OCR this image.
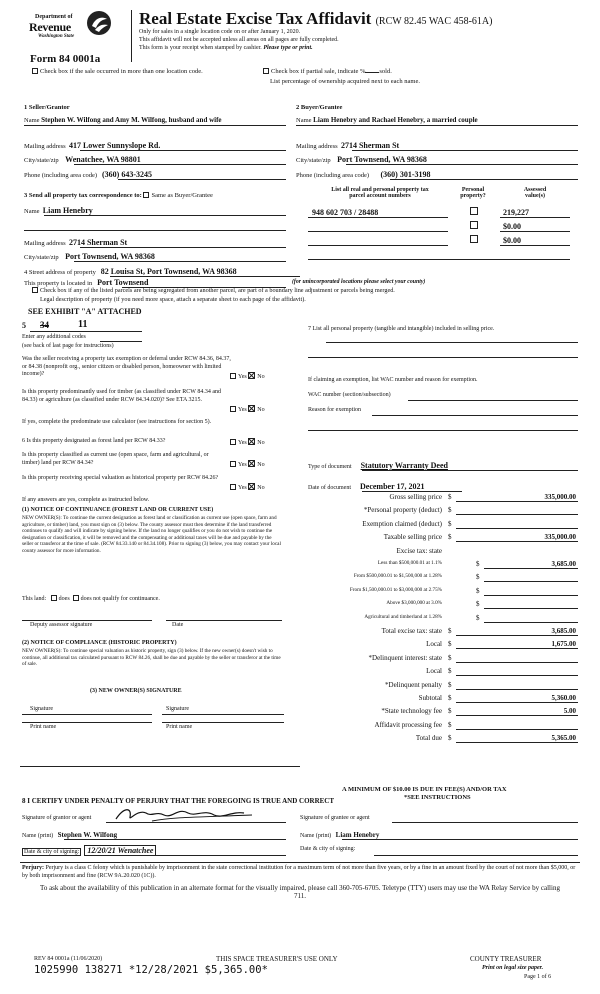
Department of
Revenue
Washington State
Real Estate Excise Tax Affidavit (RCW 82.45 WAC 458-61A)
Only for sales in a single location code on or after January 1, 2020.
This affidavit will not be accepted unless all areas on all pages are fully completed.
This form is your receipt when stamped by cashier. Please type or print.
Form 84 0001a
Check box if the sale occurred in more than one location code.	Check box if partial sale, indicate % sold.
List percentage of ownership acquired next to each name.
1 Seller/Grantor
Name Stephen W. Wilfong and Amy M. Wilfong, husband and wife
2 Buyer/Grantee
Name Liam Henebry and Rachael Henebry, a married couple
Mailing address 417 Lower Sunnyslope Rd.
City/state/zip Wenatchee, WA 98801
Phone (including area code) (360) 643-3245
Mailing address 2714 Sherman St
City/state/zip Port Townsend, WA 98368
Phone (including area code) (360) 301-3198
3 Send all property tax correspondence to: Same as Buyer/Grantee
Name Liam Henebry
Mailing address 2714 Sherman St
City/state/zip Port Townsend, WA 98368
List all real and personal property tax
parcel account numbers
Personal
property?
Assessed
value(s)
948 602 703 / 28488	219,227
$0.00
$0.00
4 Street address of property 82 Louisa St, Port Townsend, WA 98368
This property is located in Port Townsend	(for unincorporated locations please select your county)
Check box if any of the listed parcels are being segregated from another parcel, are part of a boundary line adjustment or parcels being merged.
Legal description of property (if you need more space, attach a separate sheet to each page of the affidavit).
SEE EXHIBIT "A" ATTACHED
5 34	11
Enter any additional codes
(see back of last page for instructions)
Was the seller receiving a property tax exemption or deferral under RCW 84.36, 84.37, or 84.38 (nonprofit org., senior citizen or disabled person, homeowner with limited income)?	Yes No
Is this property predominantly used for timber (as classified under RCW 84.34 and 84.33) or agriculture (as classified under RCW 84.34.020)? See ETA 3215.
Yes No
If yes, complete the predominate use calculator (see instructions for section 5).
6 Is this property designated as forest land per RCW 84.33?	Yes No
Is this property classified as current use (open space, farm and agricultural, or timber) land per RCW 84.34?	Yes No
Is this property receiving special valuation as historical property per RCW 84.26?
Yes No
If any answers are yes, complete as instructed below.
(1) NOTICE OF CONTINUANCE (FOREST LAND OR CURRENT USE)
NEW OWNER(S): To continue the current designation as forest land or classification as current use (open space, farm and agriculture, or timber) land, you must sign on (3) below. The county assessor must then determine if the land transferred continues to qualify and will indicate by signing below. If the land no longer qualifies or you do not wish to continue the designation or classification, it will be removed and the compensating or additional taxes will be due and payable by the seller or transferor at the time of sale. (RCW 84.33.140 or 84.34.108). Prior to signing (3) below, you may contact your local county assessor for more information.
This land: does does not qualify for continuance.
Deputy assessor signature	Date
(2) NOTICE OF COMPLIANCE (HISTORIC PROPERTY)
NEW OWNER(S): To continue special valuation as historic property, sign (3) below. If the new owner(s) doesn't wish to continue, all additional tax calculated pursuant to RCW 84.26, shall be due and payable by the seller or transferor at the time of sale.
(3) NEW OWNER(S) SIGNATURE
Signature	Signature
Print name	Print name
7 List all personal property (tangible and intangible) included in selling price.
If claiming an exemption, list WAC number and reason for exemption.
WAC number (section/subsection)
Reason for exemption
Type of document Statutory Warranty Deed
Date of document December 17, 2021
Gross selling price $	335,000.00
*Personal property (deduct) $
Exemption claimed (deduct) $
Taxable selling price $	335,000.00
Excise tax: state
Less than $500,000.01 at 1.1%	$	3,685.00
From $500,000.01 to $1,500,000 at 1.28%	$
From $1,500,000.01 to $3,000,000 at 2.75%	$
Above $3,000,000 at 3.0%	$
Agricultural and timberland at 1.28%	$
Total excise tax: state $	3,685.00
Local $	1,675.00
*Delinquent interest: state $
Local $
*Delinquent penalty $
Subtotal $	5,360.00
*State technology fee $	5.00
Affidavit processing fee $
Total due $	5,365.00
A MINIMUM OF $10.00 IS DUE IN FEE(S) AND/OR TAX
*SEE INSTRUCTIONS
8 I CERTIFY UNDER PENALTY OF PERJURY THAT THE FOREGOING IS TRUE AND CORRECT
Signature of grantor or agent
Name (print) Stephen W. Wilfong
Date & city of signing: 12/20/21 Wenatchee
Signature of grantee or agent
Name (print) Liam Henebry
Date & city of signing:
Perjury: Perjury is a class C felony which is punishable by imprisonment in the state correctional institution for a maximum term of not more than five years, or by a fine in an amount fixed by the court of not more than $5,000, or by both imprisonment and fine (RCW 9A.20.020 (1C)).
To ask about the availability of this publication in an alternate format for the visually impaired, please call 360-705-6705. Teletype (TTY) users may use the WA Relay Service by calling 711.
REV 84 0001a (11/06/2020)	THIS SPACE TREASURER'S USE ONLY	COUNTY TREASURER
1025990 138271 *12/28/2021 $5,365.00*	Print on legal size paper.
Page 1 of 6
